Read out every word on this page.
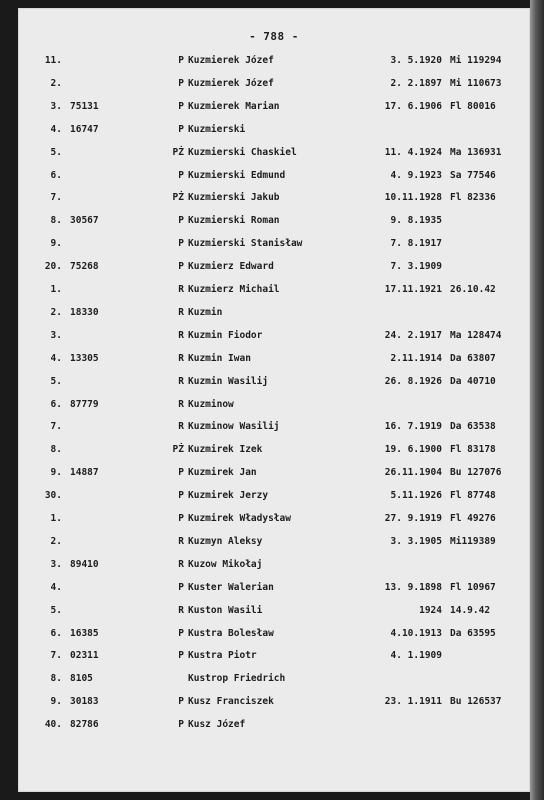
- 788 -
11.	P Kuzmierek Józef	3. 5.1920 Mi 119294
2.	P Kuzmierek Józef	2. 2.1897 Mi 110673
3. 75131	P Kuzmierek Marian	17. 6.1906 Fl 80016
4. 16747	P Kuzmierski
5.	PŻ Kuzmierski Chaskiel	11. 4.1924 Ma 136931
6.	P Kuzmierski Edmund	4. 9.1923 Sa 77546
7.	PŻ Kuzmierski Jakub	10.11.1928 Fl 82336
8. 30567	P Kuzmierski Roman	9. 8.1935
9.	P Kuzmierski Stanisław	7. 8.1917
20. 75268	P Kuzmierz Edward	7. 3.1909
1.	R Kuzmierz Michail	17.11.1921 26.10.42
2. 18330	R Kuzmin
3.	R Kuzmin Fiodor	24. 2.1917 Ma 128474
4. 13305	R Kuzmin Iwan	2.11.1914 Da 63807
5.	R Kuzmin Wasilij	26. 8.1926 Da 40710
6. 87779	R Kuzminow
7.	R Kuzminow Wasilij	16. 7.1919 Da 63538
8.	PŻ Kuzmirek Izek	19. 6.1900 Fl 83178
9. 14887	P Kuzmirek Jan	26.11.1904 Bu 127076
30.	P Kuzmirek Jerzy	5.11.1926 Fl 87748
1.	P Kuzmirek Władysław	27. 9.1919 Fl 49276
2.	R Kuzmyn Aleksy	3. 3.1905 Mi119389
3. 89410	R Kuzow Mikołaj
4.	P Kuster Walerian	13. 9.1898 Fl 10967
5.	R Kuston Wasili	1924 14.9.42
6. 16385	P Kustra Bolesław	4.10.1913 Da 63595
7. 02311	P Kustra Piotr	4. 1.1909
8. 8105	Kustrop Friedrich
9. 30183	P Kusz Franciszek	23. 1.1911 Bu 126537
40. 82786	P Kusz Józef
